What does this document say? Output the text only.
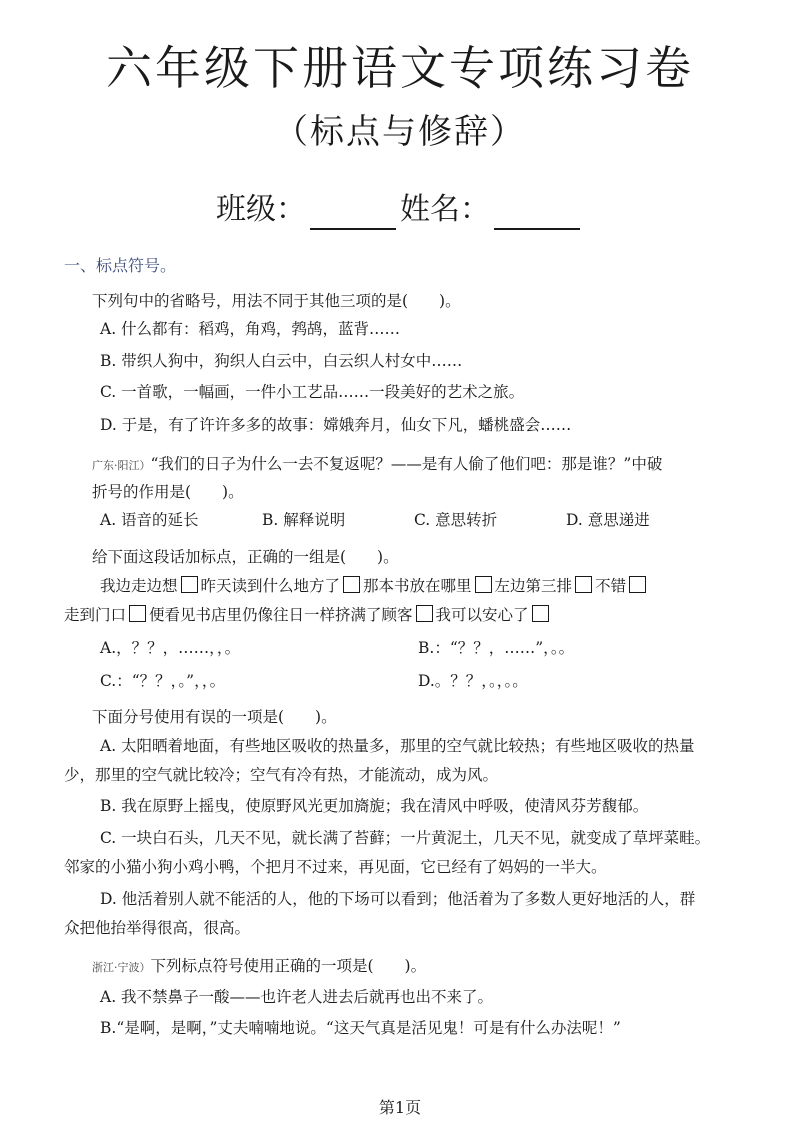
六年级下册语文专项练习卷
（标点与修辞）
班级：	姓名：
一、标点符号。
下列句中的省略号，用法不同于其他三项的是(　　)。
A. 什么都有：稻鸡，角鸡，鹁鸪，蓝背……
B. 带织人狗中，狗织人白云中，白云织人村女中……
C. 一首歌，一幅画，一件小工艺品……一段美好的艺术之旅。
D. 于是，有了许许多多的故事：嫦娥奔月，仙女下凡，蟠桃盛会……
广东·阳江）“我们的日子为什么一去不复返呢？——是有人偷了他们吧：那是谁？”中破
折号的作用是(　　)。
A. 语音的延长	B. 解释说明	C. 意思转折	D. 意思递进
给下面这段话加标点，正确的一组是(　　)。
我边走边想 昨天读到什么地方了 那本书放在哪里 左边第三排 不错
走到门口 便看见书店里仍像往日一样挤满了顾客 我可以安心了
A.，？？，……，，。	B.：“？？，……”，。。
C.：“？？，。”，，。	D.。？？，。，。。
下面分号使用有误的一项是(　　)。
A. 太阳晒着地面，有些地区吸收的热量多，那里的空气就比较热；有些地区吸收的热量
少，那里的空气就比较冷；空气有冷有热，才能流动，成为风。
B. 我在原野上摇曳，使原野风光更加旖旎；我在清风中呼吸，使清风芬芳馥郁。
C. 一块白石头，几天不见，就长满了苔藓；一片黄泥土，几天不见，就变成了草坪菜畦。
邻家的小猫小狗小鸡小鸭，个把月不过来，再见面，它已经有了妈妈的一半大。
D. 他活着别人就不能活的人，他的下场可以看到；他活着为了多数人更好地活的人，群
众把他抬举得很高，很高。
浙江·宁波）下列标点符号使用正确的一项是(　　)。
A. 我不禁鼻子一酸——也许老人进去后就再也出不来了。
B.“是啊，是啊，”丈夫喃喃地说。“这天气真是活见鬼！可是有什么办法呢！”
第1页
